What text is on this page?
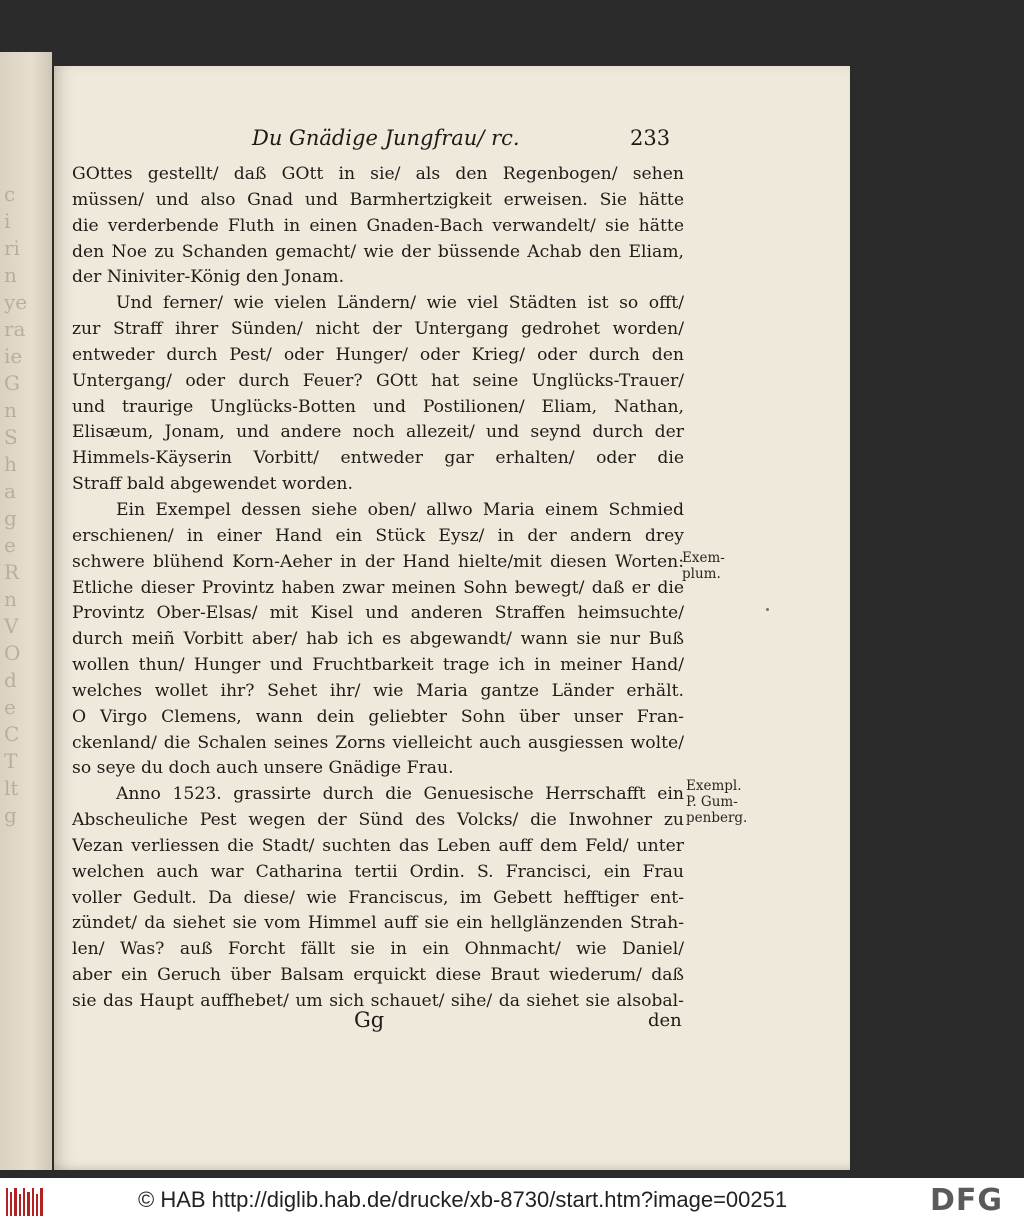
c
i
ri
n
ye
ra
ie
G
n
S
h
a
g
e
R
n
V
O
d
e
C
T
lt
g
Du Gnädige Jungfrau/ rc.	233
GOttes gestellt/ daß GOtt in sie/ als den Regenbogen/ sehen
müssen/ und also Gnad und Barmhertzigkeit erweisen. Sie hätte
die verderbende Fluth in einen Gnaden-Bach verwandelt/ sie hätte
den Noe zu Schanden gemacht/ wie der büssende Achab den Eliam,
der Niniviter-König den Jonam.
Und ferner/ wie vielen Ländern/ wie viel Städten ist so offt/
zur Straff ihrer Sünden/ nicht der Untergang gedrohet worden/
entweder durch Pest/ oder Hunger/ oder Krieg/ oder durch den
Untergang/ oder durch Feuer? GOtt hat seine Unglücks-Trauer/
und traurige Unglücks-Botten und Postilionen/ Eliam, Nathan,
Elisæum, Jonam, und andere noch allezeit/ und seynd durch der
Himmels-Käyserin Vorbitt/ entweder gar erhalten/ oder die
Straff bald abgewendet worden.
Ein Exempel dessen siehe oben/ allwo Maria einem Schmied
erschienen/ in einer Hand ein Stück Eysz/ in der andern drey
schwere blühend Korn-Aeher in der Hand hielte/mit diesen Worten:
Etliche dieser Provintz haben zwar meinen Sohn bewegt/ daß er die
Provintz Ober-Elsas/ mit Kisel und anderen Straffen heimsuchte/
durch meiñ Vorbitt aber/ hab ich es abgewandt/ wann sie nur Buß
wollen thun/ Hunger und Fruchtbarkeit trage ich in meiner Hand/
welches wollet ihr? Sehet ihr/ wie Maria gantze Länder erhält.
O Virgo Clemens, wann dein geliebter Sohn über unser Fran-
ckenland/ die Schalen seines Zorns vielleicht auch ausgiessen wolte/
so seye du doch auch unsere Gnädige Frau.
Anno 1523. grassirte durch die Genuesische Herrschafft ein
Abscheuliche Pest wegen der Sünd des Volcks/ die Inwohner zu
Vezan verliessen die Stadt/ suchten das Leben auff dem Feld/ unter
welchen auch war Catharina tertii Ordin. S. Francisci, ein Frau
voller Gedult. Da diese/ wie Franciscus, im Gebett hefftiger ent-
zündet/ da siehet sie vom Himmel auff sie ein hellglänzenden Strah-
len/ Was? auß Forcht fällt sie in ein Ohnmacht/ wie Daniel/
aber ein Geruch über Balsam erquickt diese Braut wiederum/ daß
sie das Haupt auffhebet/ um sich schauet/ sihe/ da siehet sie alsobal-
Exem-
plum.
Exempl.
P. Gum-
penberg.
Gg	den
© HAB http://diglib.hab.de/drucke/xb-8730/start.htm?image=00251	DFG
